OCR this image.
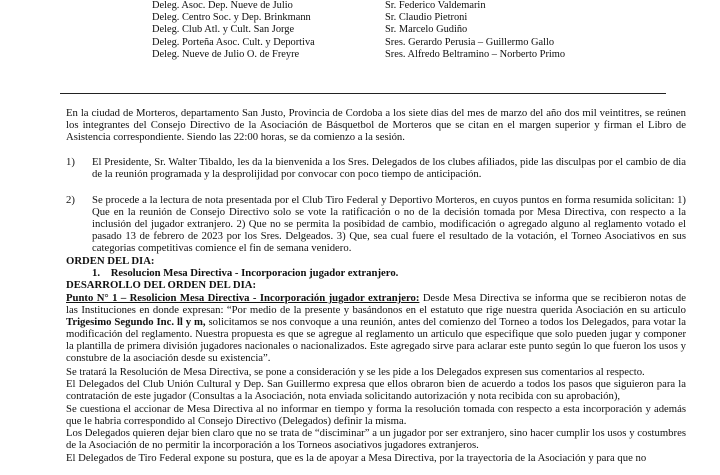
Deleg. Asoc. Dep. Nueve de Julio	Sr. Federico Valdemarin
Deleg. Centro Soc. y Dep. Brinkmann	Sr. Claudio Pietroni
Deleg. Club Atl. y Cult. San Jorge	Sr. Marcelo Gudiño
Deleg. Porteña Asoc. Cult. y Deportiva	Sres. Gerardo Perusia – Guillermo Gallo
Deleg. Nueve de Julio O. de Freyre	Sres. Alfredo Beltramino – Norberto Primo
En la ciudad de Morteros, departamento San Justo, Provincia de Cordoba a los siete dias del mes de marzo del año dos mil veintitres, se reúnen los integrantes del Consejo Directivo de la Asociación de Básquetbol de Morteros que se citan en el margen superior y firman el Libro de Asistencia correspondiente. Siendo las 22:00 horas, se da comienzo a la sesión.
1) El Presidente, Sr. Walter Tibaldo, les da la bienvenida a los Sres. Delegados de los clubes afiliados, pide las disculpas por el cambio de dia de la reunión programada y la desprolijidad por convocar con poco tiempo de anticipación.
2) Se procede a la lectura de nota presentada por el Club Tiro Federal y Deportivo Morteros, en cuyos puntos en forma resumida solicitan: 1) Que en la reunión de Consejo Directivo solo se vote la ratificación o no de la decisión tomada por Mesa Directiva, con respecto a la inclusión del jugador extranjero. 2) Que no se permita la posibidad de cambio, modificación o agregado alguno al reglamento votado el pasado 13 de febrero de 2023 por los Sres. Delgeados. 3) Que, sea cual fuere el resultado de la votación, el Torneo Asociativos en sus categorias competitivas comience el fin de semana venidero.
ORDEN DEL DIA:
1.    Resolucion Mesa Directiva - Incorporacion jugador extranjero.
DESARROLLO DEL ORDEN DEL DIA:
Punto N° 1 – Resolicion Mesa Directiva - Incorporación jugador extranjero: Desde Mesa Directiva se informa que se recibieron notas de las Instituciones en donde expresan: “Por medio de la presente y basándonos en el estatuto que rige nuestra querida Asociación en su articulo Trigesimo Segundo Inc. ll y m, solicitamos se nos convoque a una reunión, antes del comienzo del Torneo a todos los Delegados, para votar la modificación del reglamento. Nuestra propuesta es que se agregue al reglamento un articulo que especifique que solo pueden jugar y componer la plantilla de primera división jugadores nacionales o nacionalizados. Este agregado sirve para aclarar este punto según lo que fueron los usos y constubre de la asociación desde su existencia”.
Se tratará la Resolución de Mesa Directiva, se pone a consideración y se les pide a los Delegados expresen sus comentarios al respecto.
El Delegados del Club Unión Cultural y Dep. San Guillermo expresa que ellos obraron bien de acuerdo a todos los pasos que siguieron para la contratación de este jugador (Consultas a la Asociación, nota enviada solicitando autorización y nota recibida con su aprobación),
Se cuestiona el accionar de Mesa Directiva al no informar en tiempo y forma la resolución tomada con respecto a esta incorporación y además que le habria correspondido al Consejo Directivo (Delegados) definir la misma.
Los Delegados quieren dejar bien claro que no se trata de “disciminar” a un jugador por ser extranjero, sino hacer cumplir los usos y costumbres de la Asociación de no permitir la incorporación a los Torneos asociativos jugadores extranjeros.
El Delegados de Tiro Federal expone su postura, que es la de apoyar a Mesa Directiva, por la trayectoria de la Asociación y para que no
